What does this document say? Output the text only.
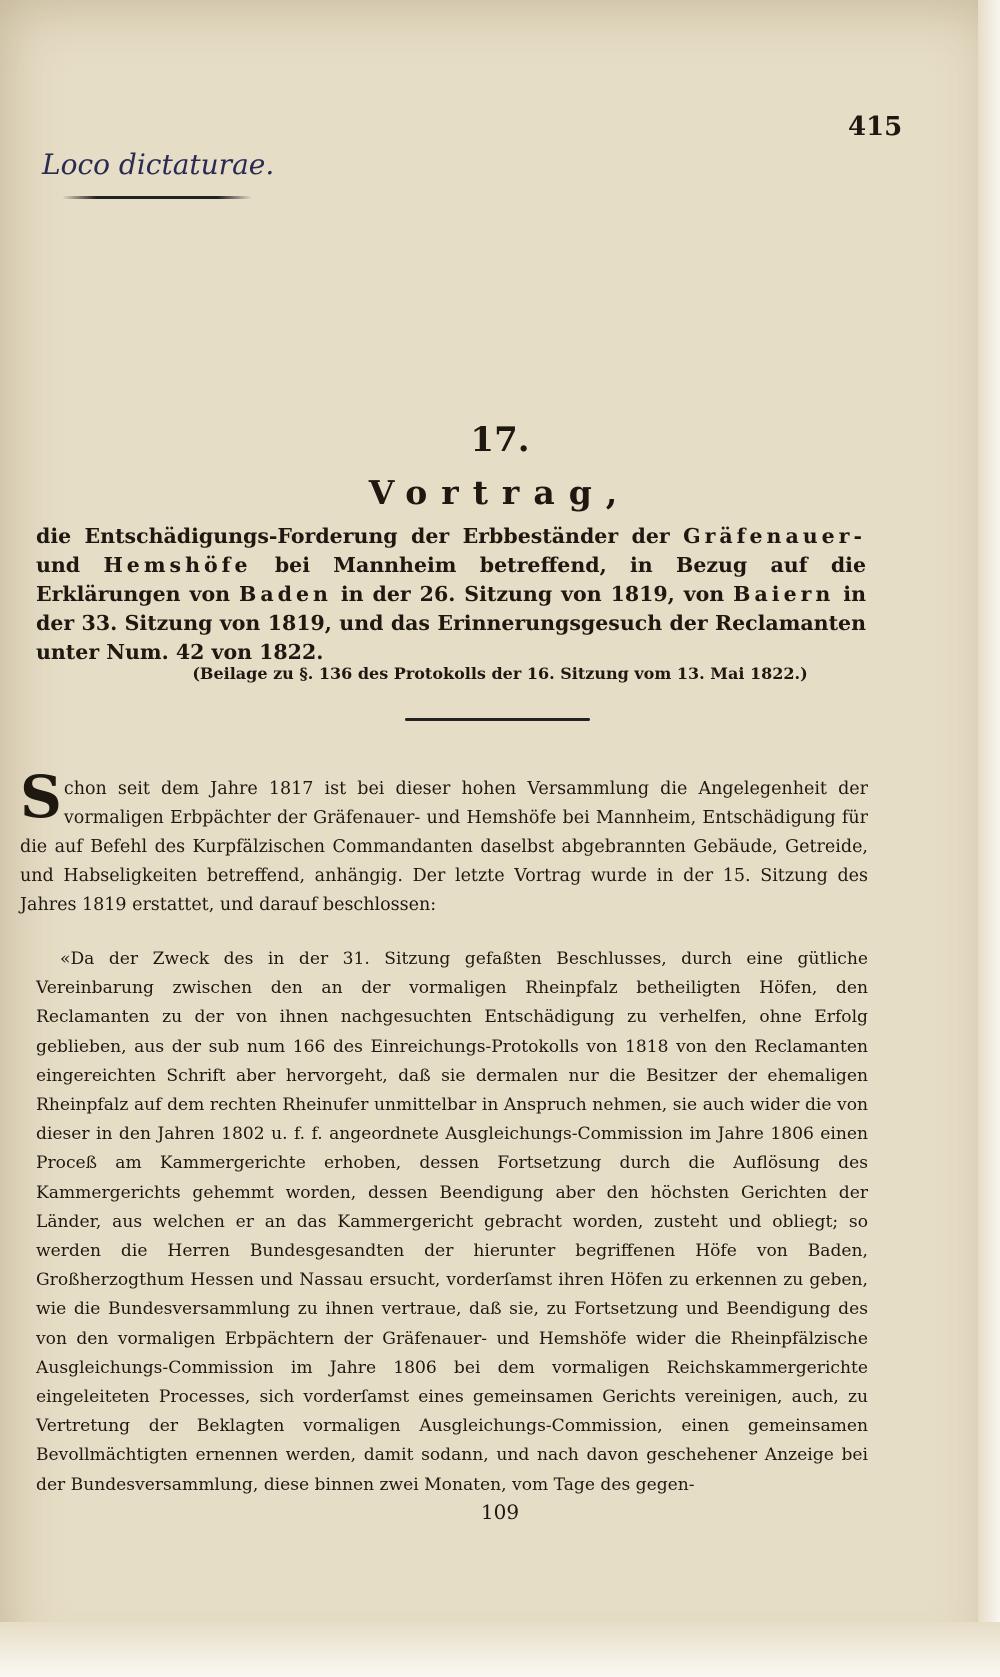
Loco dictaturae.

415

17.

Vortrag,

die Entschädigungs-Forderung der Erbbeständer der Gräfenauer- und Hemshöfe bei Mannheim betreffend, in Bezug auf die Erklärungen von Baden in der 26. Sitzung von 1819, von Baiern in der 33. Sitzung von 1819, und das Erinnerungsgesuch der Reclamanten unter Num. 42 von 1822.

(Beilage zu §. 136 des Protokolls der 16. Sitzung vom 13. Mai 1822.)

Schon seit dem Jahre 1817 ist bei dieser hohen Versammlung die Angelegenheit der vormaligen Erbpächter der Gräfenauer- und Hemshöfe bei Mannheim, Entschädigung für die auf Befehl des Kurpfälzischen Commandanten daselbst abgebrannten Gebäude, Getreide, und Habseligkeiten betreffend, anhängig. Der letzte Vortrag wurde in der 15. Sitzung des Jahres 1819 erstattet, und darauf beschlossen:

«Da der Zweck des in der 31. Sitzung gefaßten Beschlusses, durch eine gütliche Vereinbarung zwischen den an der vormaligen Rheinpfalz betheiligten Höfen, den Reclamanten zu der von ihnen nachgesuchten Entschädigung zu verhelfen, ohne Erfolg geblieben, aus der sub num 166 des Einreichungs-Protokolls von 1818 von den Reclamanten eingereichten Schrift aber hervorgeht, daß sie dermalen nur die Besitzer der ehemaligen Rheinpfalz auf dem rechten Rheinufer unmittelbar in Anspruch nehmen, sie auch wider die von dieser in den Jahren 1802 u. f. f. angeordnete Ausgleichungs-Commission im Jahre 1806 einen Proceß am Kammergerichte erhoben, dessen Fortsetzung durch die Auflösung des Kammergerichts gehemmt worden, dessen Beendigung aber den höchsten Gerichten der Länder, aus welchen er an das Kammergericht gebracht worden, zusteht und obliegt; so werden die Herren Bundesgesandten der hierunter begriffenen Höfe von Baden, Großherzogthum Hessen und Nassau ersucht, vorderſamst ihren Höfen zu erkennen zu geben, wie die Bundesversammlung zu ihnen vertraue, daß sie, zu Fortsetzung und Beendigung des von den vormaligen Erbpächtern der Gräfenauer- und Hemshöfe wider die Rheinpfälzische Ausgleichungs-Commission im Jahre 1806 bei dem vormaligen Reichskammergerichte eingeleiteten Processes, sich vorderſamst eines gemeinsamen Gerichts vereinigen, auch, zu Vertretung der Beklagten vormaligen Ausgleichungs-Commission, einen gemeinsamen Bevollmächtigten ernennen werden, damit sodann, und nach davon geschehener Anzeige bei der Bundesversammlung, diese binnen zwei Monaten, vom Tage des gegen-

109
